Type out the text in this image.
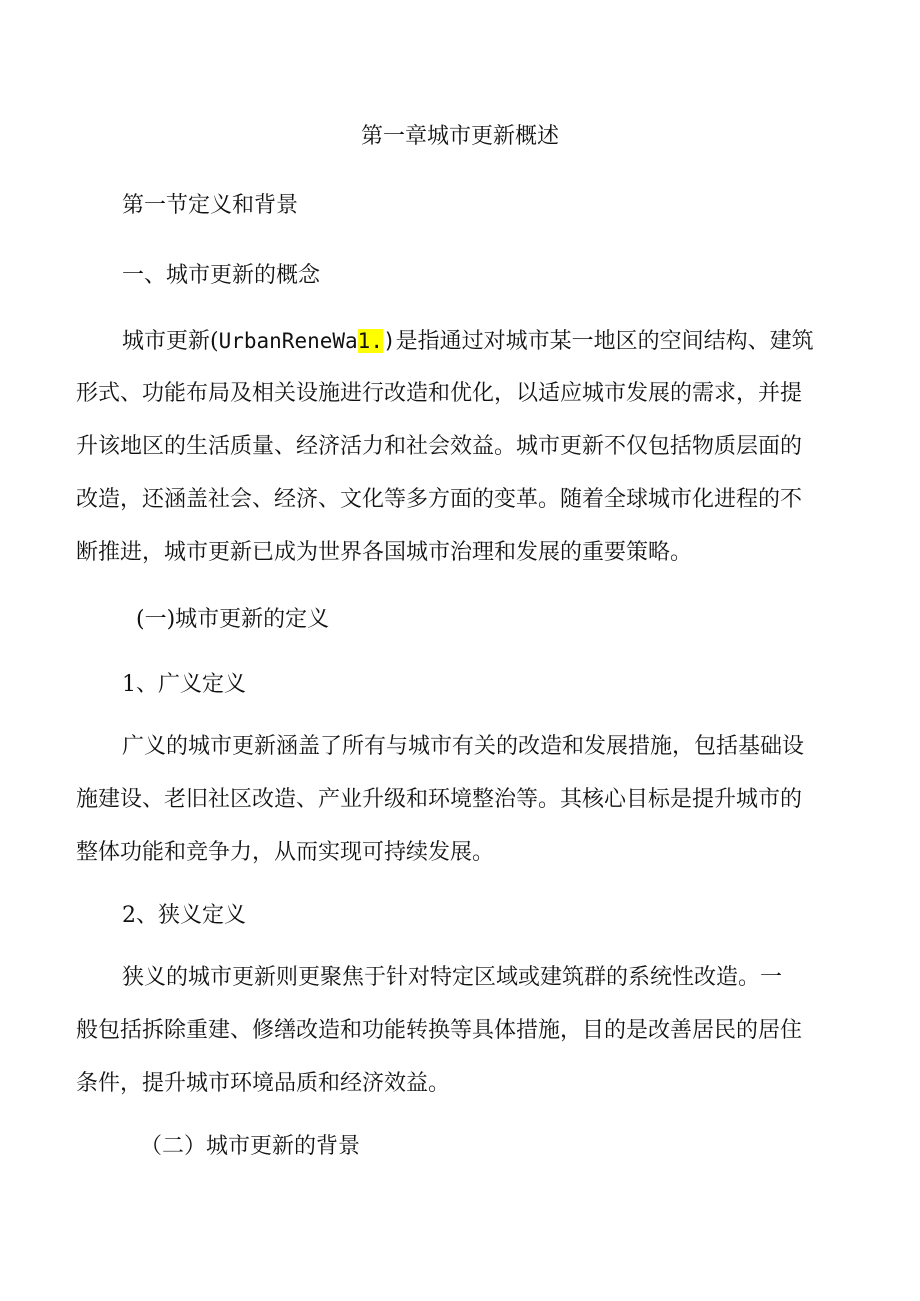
第一章城市更新概述
第一节定义和背景
一、城市更新的概念
城市更新(UrbanReneWa1.)是指通过对城市某一地区的空间结构、建筑
形式、功能布局及相关设施进行改造和优化，以适应城市发展的需求，并提
升该地区的生活质量、经济活力和社会效益。城市更新不仅包括物质层面的
改造，还涵盖社会、经济、文化等多方面的变革。随着全球城市化进程的不
断推进，城市更新已成为世界各国城市治理和发展的重要策略。
(一)城市更新的定义
1、广义定义
广义的城市更新涵盖了所有与城市有关的改造和发展措施，包括基础设
施建设、老旧社区改造、产业升级和环境整治等。其核心目标是提升城市的
整体功能和竞争力，从而实现可持续发展。
2、狭义定义
狭义的城市更新则更聚焦于针对特定区域或建筑群的系统性改造。一
般包括拆除重建、修缮改造和功能转换等具体措施，目的是改善居民的居住
条件，提升城市环境品质和经济效益。
（二）城市更新的背景
